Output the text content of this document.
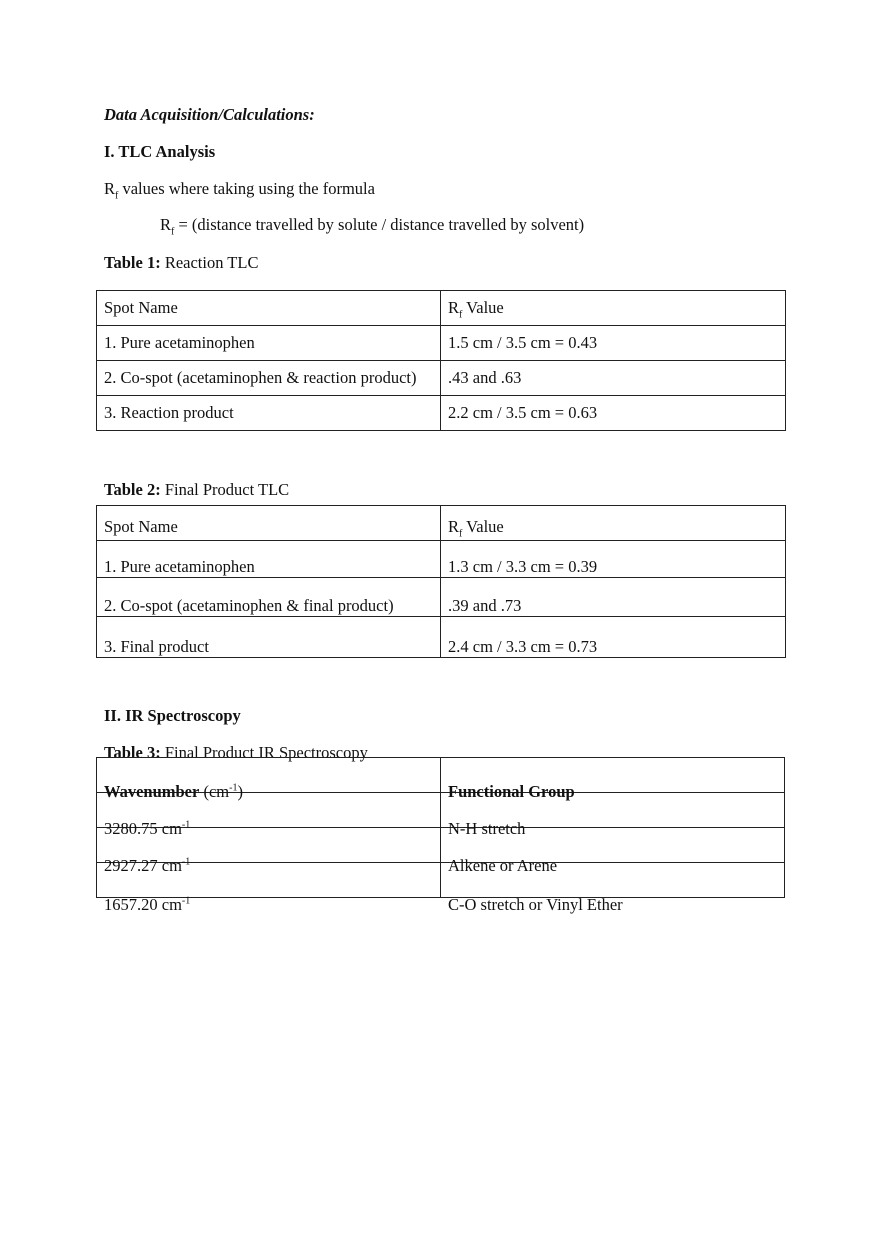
Data Acquisition/Calculations:
I. TLC Analysis
$R_f$ values where taking using the formula
$R_f$ = (distance travelled by solute / distance travelled by solvent)
Table 1: Reaction TLC
Spot Name	$R_f$ Value
1. Pure acetaminophen	1.5 cm / 3.5 cm = 0.43
2. Co-spot (acetaminophen & reaction product)	.43 and .63
3. Reaction product	2.2 cm / 3.5 cm = 0.63
Table 2: Final Product TLC
Spot Name	$R_f$ Value
1. Pure acetaminophen	1.3 cm / 3.3 cm = 0.39
2. Co-spot (acetaminophen & final product)	.39 and .73
3. Final product	2.4 cm / 3.3 cm = 0.73
II. IR Spectroscopy
Table 3: Final Product IR Spectroscopy
Wavenumber $(cm^{-1})$	Functional Group
3280.75 $cm^{-1}$	N-H stretch
2927.27 $cm^{-1}$	Alkene or Arene
1657.20 $cm^{-1}$	C-O stretch or Vinyl Ether
